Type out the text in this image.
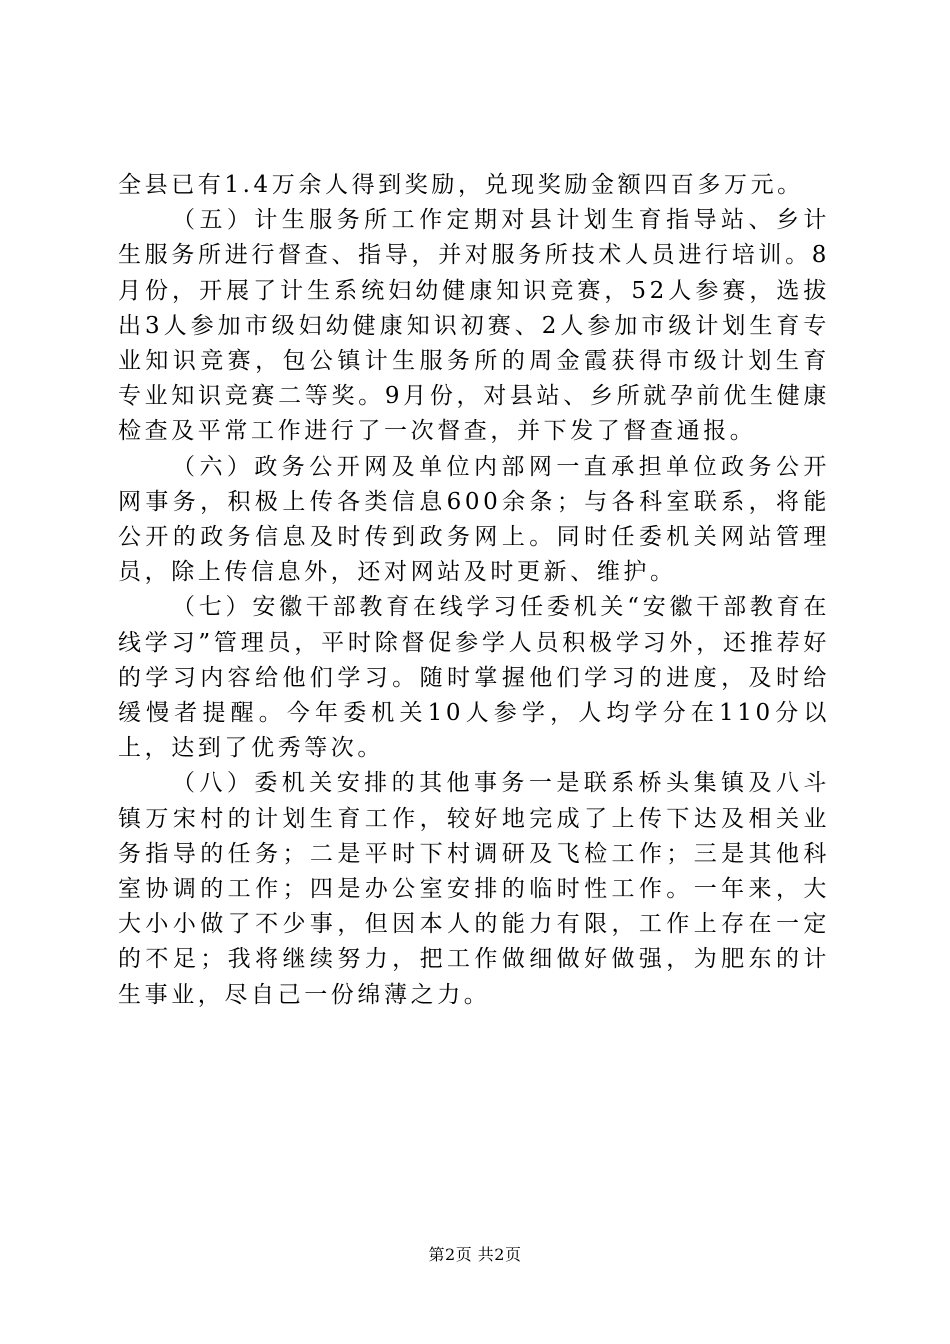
全县已有1.4万余人得到奖励，兑现奖励金额四百多万元。

（五）计生服务所工作定期对县计划生育指导站、乡计生服务所进行督查、指导，并对服务所技术人员进行培训。8月份，开展了计生系统妇幼健康知识竞赛，52人参赛，选拔出3人参加市级妇幼健康知识初赛、2人参加市级计划生育专业知识竞赛，包公镇计生服务所的周金霞获得市级计划生育专业知识竞赛二等奖。9月份，对县站、乡所就孕前优生健康检查及平常工作进行了一次督查，并下发了督查通报。

（六）政务公开网及单位内部网一直承担单位政务公开网事务，积极上传各类信息600余条；与各科室联系，将能公开的政务信息及时传到政务网上。同时任委机关网站管理员，除上传信息外，还对网站及时更新、维护。

（七）安徽干部教育在线学习任委机关“安徽干部教育在线学习”管理员，平时除督促参学人员积极学习外，还推荐好的学习内容给他们学习。随时掌握他们学习的进度，及时给缓慢者提醒。今年委机关10人参学，人均学分在110分以上，达到了优秀等次。

（八）委机关安排的其他事务一是联系桥头集镇及八斗镇万宋村的计划生育工作，较好地完成了上传下达及相关业务指导的任务；二是平时下村调研及飞检工作；三是其他科室协调的工作；四是办公室安排的临时性工作。一年来，大大小小做了不少事，但因本人的能力有限，工作上存在一定的不足；我将继续努力，把工作做细做好做强，为肥东的计生事业，尽自己一份绵薄之力。

第2页 共2页
